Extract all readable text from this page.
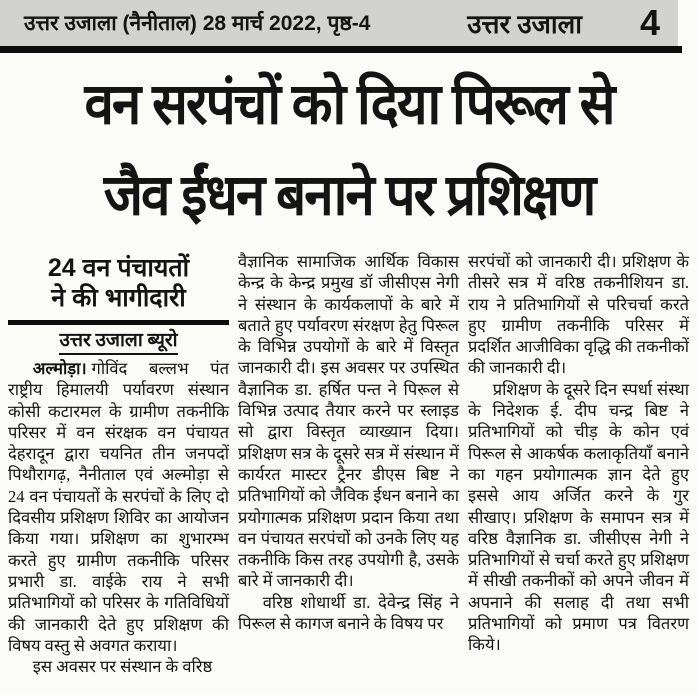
उत्तर उजाला (नैनीताल) 28 मार्च 2022, पृष्ठ-4	उत्तर उजाला 4
वन सरपंचों को दिया पिरूल से
जैव ईंधन बनाने पर प्रशिक्षण
24 वन पंचायतों
ने की भागीदारी
उत्तर उजाला ब्यूरो

अल्मोड़ा। गोविंद बल्लभ पंत राष्ट्रीय हिमालयी पर्यावरण संस्थान कोसी कटारमल के ग्रामीण तकनीकि परिसर में वन संरक्षक वन पंचायत देहरादून द्वारा चयनित तीन जनपदों पिथौरागढ़, नैनीताल एवं अल्मोड़ा से 24 वन पंचायतों के सरपंचों के लिए दो दिवसीय प्रशिक्षण शिविर का आयोजन किया गया। प्रशिक्षण का शुभारम्भ करते हुए ग्रामीण तकनीकि परिसर प्रभारी डा. वाईके राय ने सभी प्रतिभागियों को परिसर के गतिविधियों की जानकारी देते हुए प्रशिक्षण की विषय वस्तु से अवगत कराया।

इस अवसर पर संस्थान के वरिष्ठ

वैज्ञानिक सामाजिक आर्थिक विकास केन्द्र के केन्द्र प्रमुख डॉ जीसीएस नेगी ने संस्थान के कार्यकलापों के बारे में बताते हुए पर्यावरण संरक्षण हेतु पिरूल के विभिन्न उपयोगों के बारे में विस्तृत जानकारी दी। इस अवसर पर उपस्थित वैज्ञानिक डा. हर्षित पन्त ने पिरूल से विभिन्न उत्पाद तैयार करने पर स्लाइड सो द्वारा विस्तृत व्याख्यान दिया। प्रशिक्षण सत्र के दूसरे सत्र में संस्थान में कार्यरत मास्टर ट्रैनर डीएस बिष्ट ने प्रतिभागियों को जैविक ईधन बनाने का प्रयोगात्मक प्रशिक्षण प्रदान किया तथा वन पंचायत सरपंचों को उनके लिए यह तकनीकि किस तरह उपयोगी है, उसके बारे में जानकारी दी।

वरिष्ठ शोधार्थी डा. देवेन्द्र सिंह ने पिरूल से कागज बनाने के विषय पर

सरपंचों को जानकारी दी। प्रशिक्षण के तीसरे सत्र में वरिष्ठ तकनीशियन डा. राय ने प्रतिभागियों से परिचर्चा करते हुए ग्रामीण तकनीकि परिसर में प्रदर्शित आजीविका वृद्धि की तकनीकों की जानकारी दी।

प्रशिक्षण के दूसरे दिन स्पर्धा संस्था के निदेशक ई. दीप चन्द्र बिष्ट ने प्रतिभागियों को चीड़ के कोन एवं पिरूल से आकर्षक कलाकृतियाँ बनाने का गहन प्रयोगात्मक ज्ञान देते हुए इससे आय अर्जित करने के गुर सीखाए। प्रशिक्षण के समापन सत्र में वरिष्ठ वैज्ञानिक डा. जीसीएस नेगी ने प्रतिभागियों से चर्चा करते हुए प्रशिक्षण में सीखी तकनीकों को अपने जीवन में अपनाने की सलाह दी तथा सभी प्रतिभागियों को प्रमाण पत्र वितरण किये।
